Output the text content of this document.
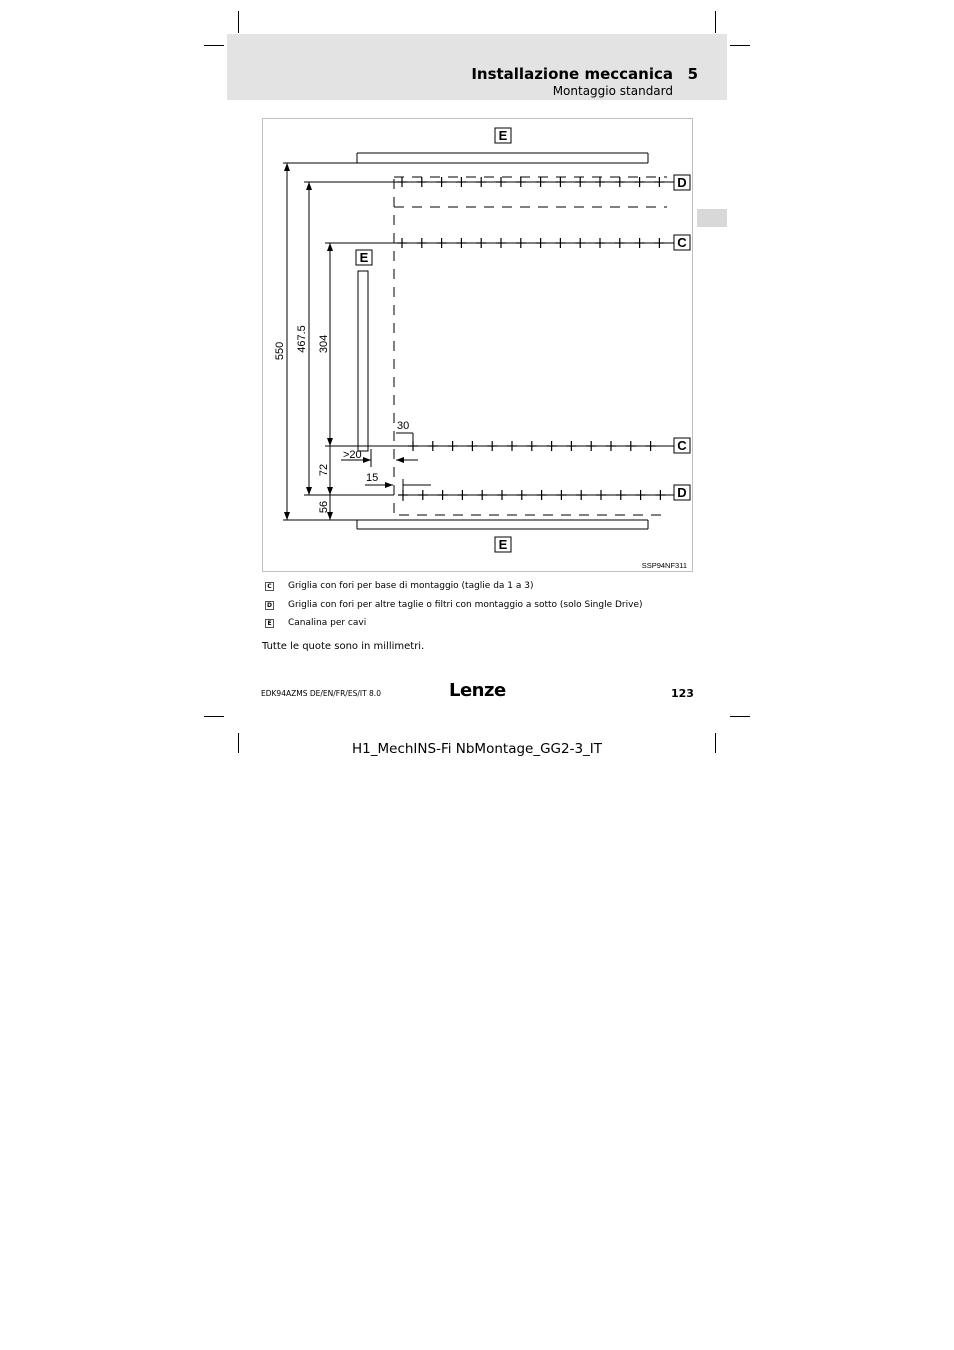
Installazione meccanica 5
Montaggio standard
E
E
E
D
C
C
D
550 467.5 304
72
56
30
>20
15
SSP94NF311
C Griglia con fori per base di montaggio (taglie da 1 a 3)
D Griglia con fori per altre taglie o filtri con montaggio a sotto (solo Single Drive)
E Canalina per cavi
Tutte le quote sono in millimetri.
EDK94AZMS DE/EN/FR/ES/IT 8.0	Lenze	123
H1_MechINS-Fi NbMontage_GG2-3_IT
